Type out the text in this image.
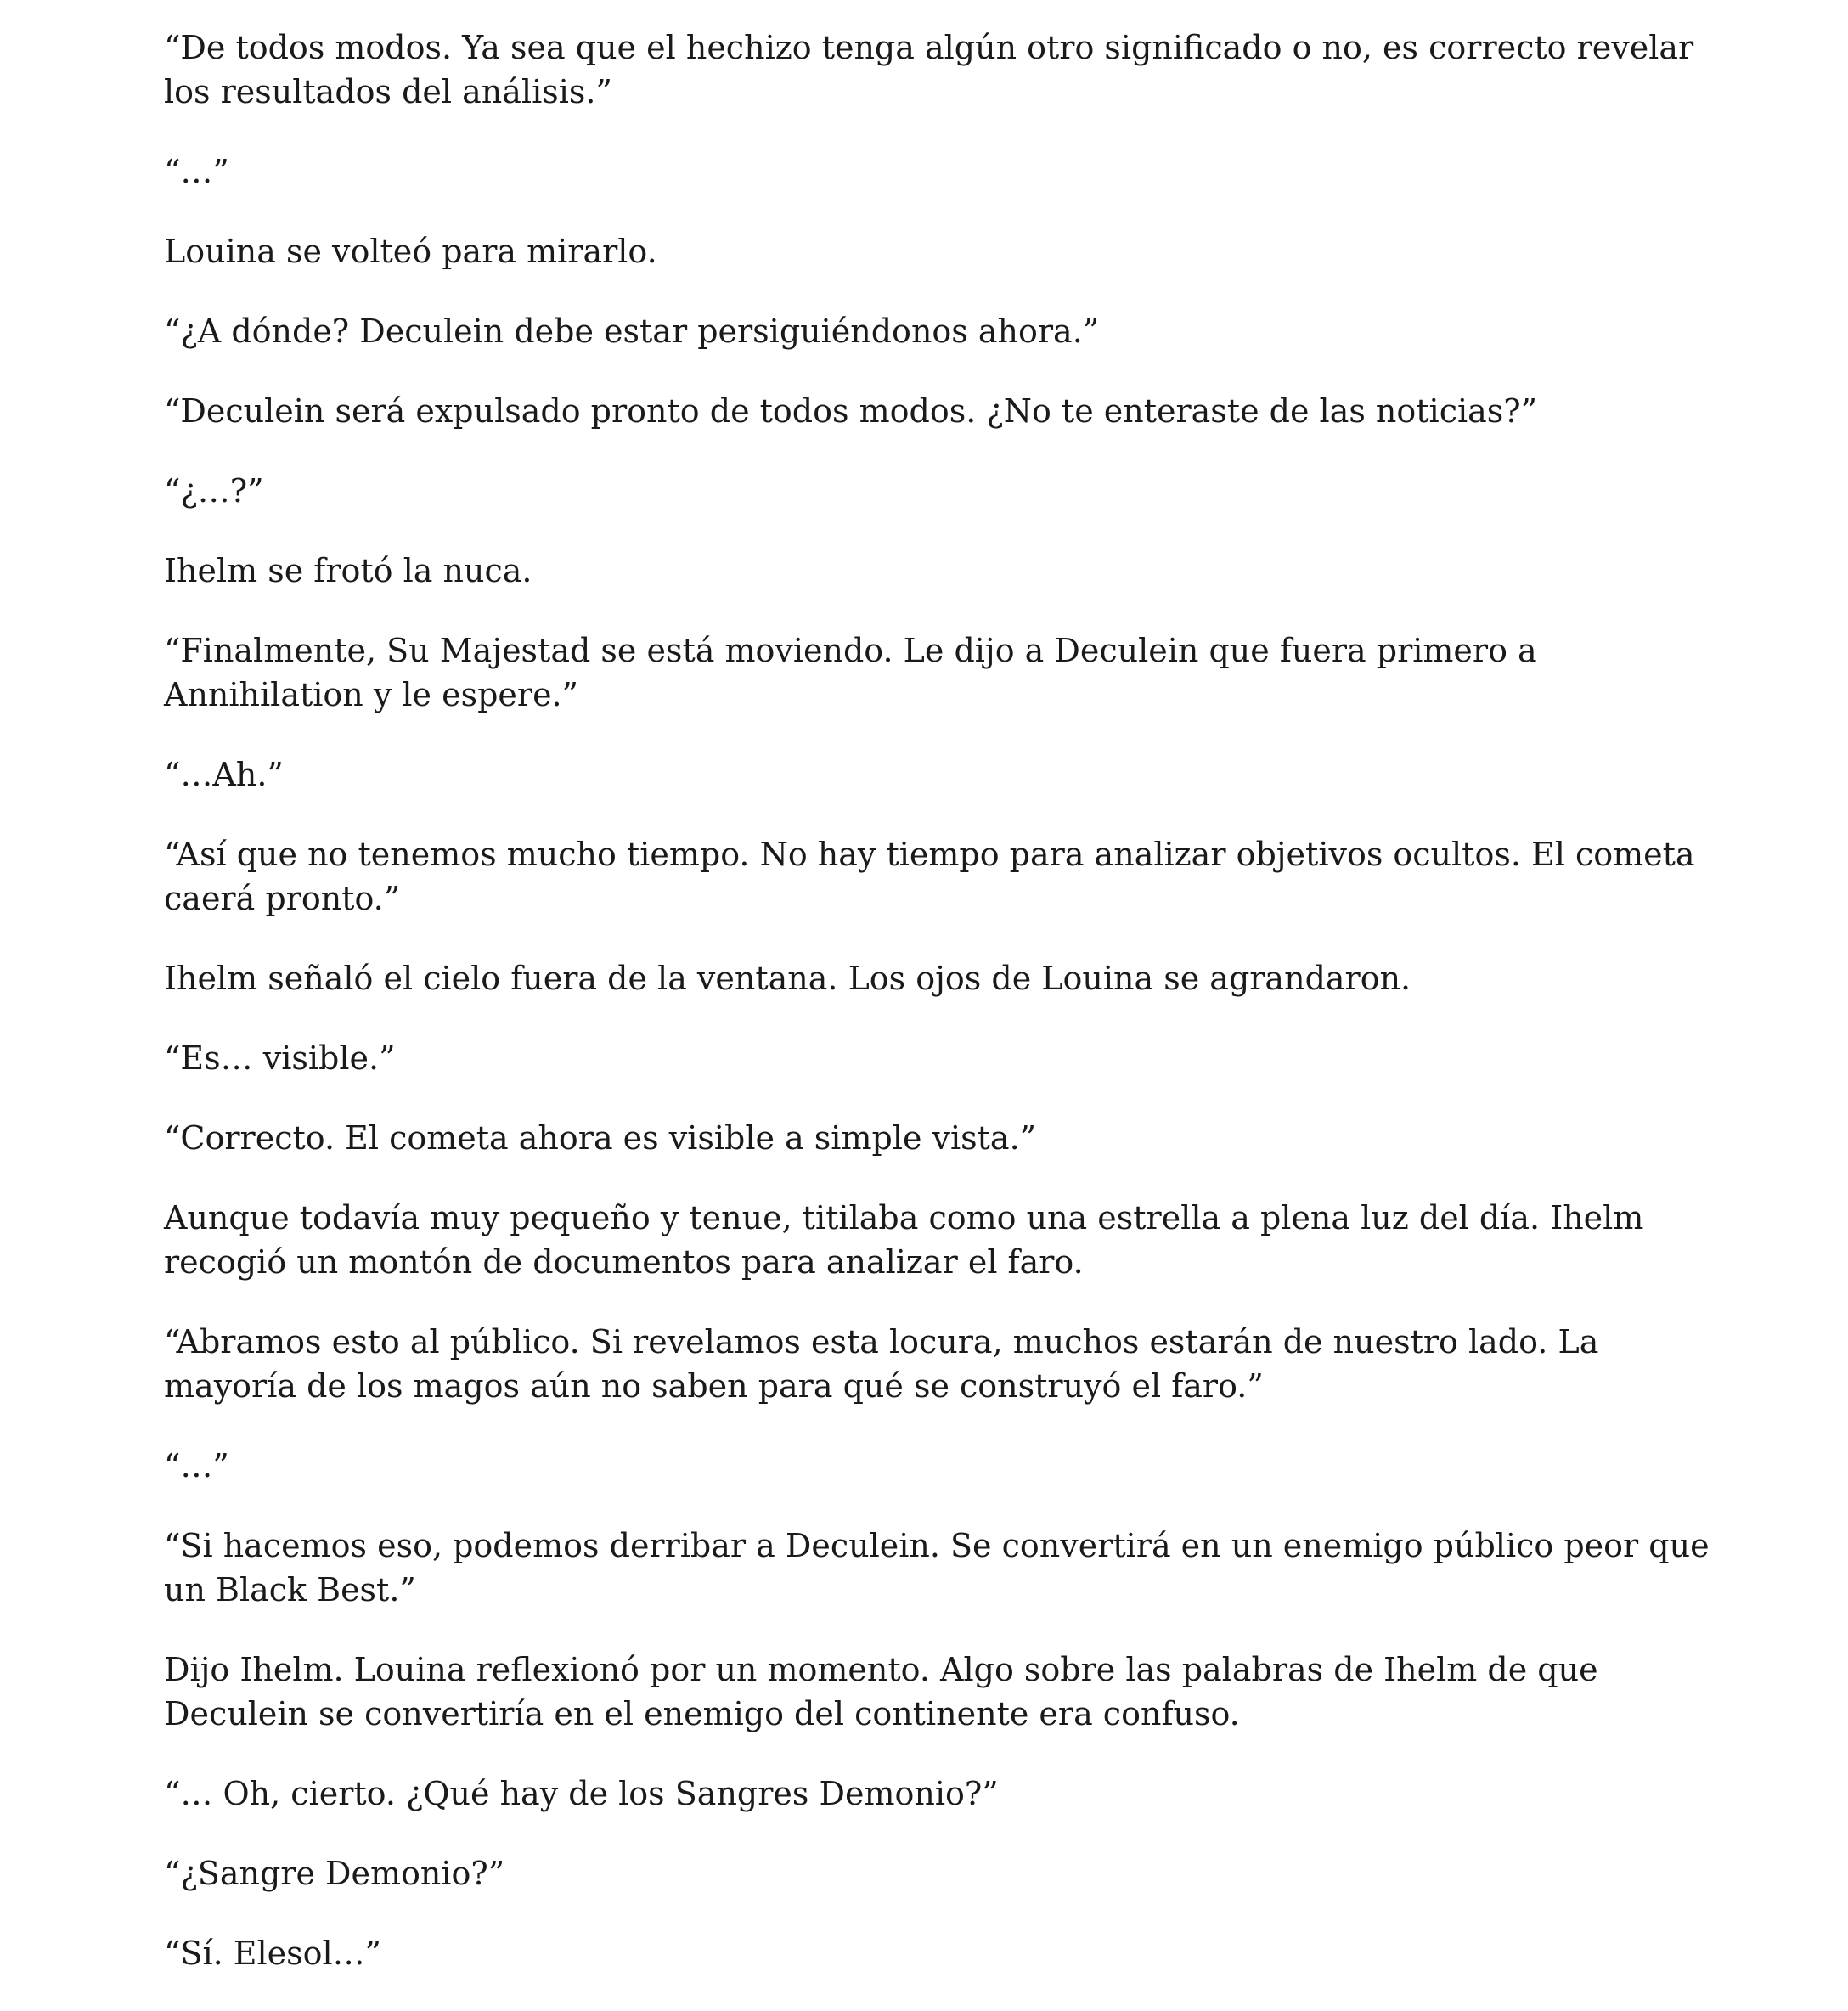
“De todos modos. Ya sea que el hechizo tenga algún otro significado o no, es correcto revelar los resultados del análisis.”

“…”

Louina se volteó para mirarlo.

“¿A dónde? Deculein debe estar persiguiéndonos ahora.”

“Deculein será expulsado pronto de todos modos. ¿No te enteraste de las noticias?”

“¿…?”

Ihelm se frotó la nuca.

“Finalmente, Su Majestad se está moviendo. Le dijo a Deculein que fuera primero a Annihilation y le espere.”

“…Ah.”

“Así que no tenemos mucho tiempo. No hay tiempo para analizar objetivos ocultos. El cometa caerá pronto.”

Ihelm señaló el cielo fuera de la ventana. Los ojos de Louina se agrandaron.

“Es… visible.”

“Correcto. El cometa ahora es visible a simple vista.”

Aunque todavía muy pequeño y tenue, titilaba como una estrella a plena luz del día. Ihelm recogió un montón de documentos para analizar el faro.

“Abramos esto al público. Si revelamos esta locura, muchos estarán de nuestro lado. La mayoría de los magos aún no saben para qué se construyó el faro.”

“…”

“Si hacemos eso, podemos derribar a Deculein. Se convertirá en un enemigo público peor que un Black Best.”

Dijo Ihelm. Louina reflexionó por un momento. Algo sobre las palabras de Ihelm de que Deculein se convertiría en el enemigo del continente era confuso.

“… Oh, cierto. ¿Qué hay de los Sangres Demonio?”

“¿Sangre Demonio?”

“Sí. Elesol…”
